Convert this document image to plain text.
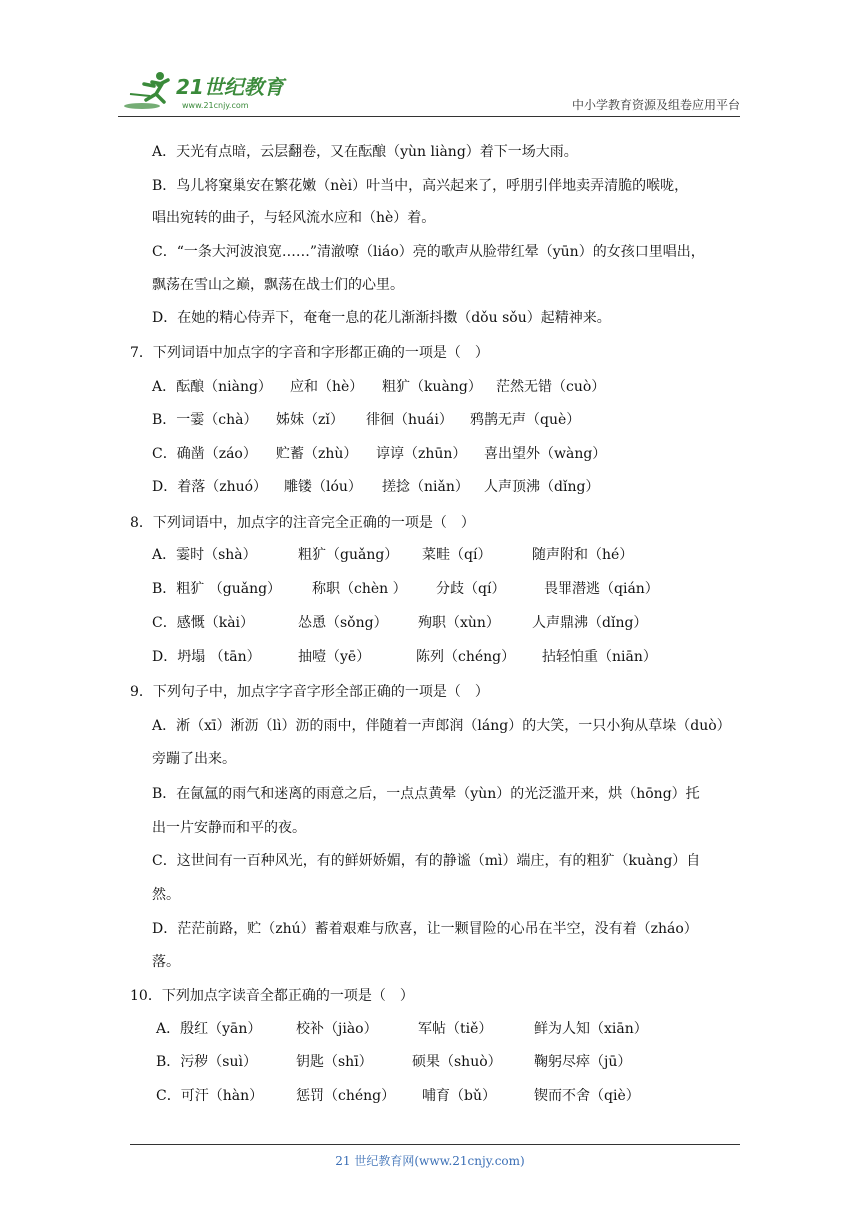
21世纪教育
www.21cnjy.com	中小学教育资源及组卷应用平台
A．天光有点暗，云层翻卷，又在酝酿（yùn liàng）着下一场大雨。
B．鸟儿将窠巢安在繁花嫩（nèi）叶当中，高兴起来了，呼朋引伴地卖弄清脆的喉咙，
唱出宛转的曲子，与轻风流水应和（hè）着。
C．“一条大河波浪宽……”清澈嘹（liáo）亮的歌声从脸带红晕（yūn）的女孩口里唱出，
飘荡在雪山之巅，飘荡在战士们的心里。
D．在她的精心侍弄下，奄奄一息的花儿渐渐抖擞（dǒu sǒu）起精神来。
7．下列词语中加点字的字音和字形都正确的一项是（　）
A．酝酿（niàng） 应和（hè） 粗犷（kuàng） 茫然无错（cuò）
B．一霎（chà） 姊妹（zǐ） 徘徊（huái） 鸦鹊无声（què）
C．确凿（záo） 贮蓄（zhù） 谆谆（zhūn） 喜出望外（wàng）
D．着落（zhuó） 雕镂（lóu） 搓捻（niǎn） 人声顶沸（dǐng）
8．下列词语中，加点字的注音完全正确的一项是（　）
A．霎时（shà）	粗犷（guǎng） 菜畦（qí）	随声附和（hé）
B．粗犷 （guǎng） 称职（chèn ） 分歧（qí）	畏罪潜逃（qián）
C．感慨（kài）	怂恿（sǒng） 殉职（xùn） 人声鼎沸（dǐng）
D．坍塌 （tān）	抽噎（yē）	陈列（chéng） 拈轻怕重（niān）
9．下列句子中，加点字字音字形全部正确的一项是（　）
A．淅（xī）淅沥（lì）沥的雨中，伴随着一声郎润（láng）的大笑，一只小狗从草垛（duò）
旁蹦了出来。
B．在氤氲的雨气和迷离的雨意之后，一点点黄晕（yùn）的光泛滥开来，烘（hōng）托
出一片安静而和平的夜。
C．这世间有一百种风光，有的鲜妍娇媚，有的静谧（mì）端庄，有的粗犷（kuàng）自
然。
D．茫茫前路，贮（zhú）蓄着艰难与欣喜，让一颗冒险的心吊在半空，没有着（zháo）
落。
10．下列加点字读音全都正确的一项是（　）
A．殷红（yān） 校补（jiào）	军帖（tiě）	鲜为人知（xiān）
B．污秽（suì）	钥匙（shī）	硕果（shuò） 鞠躬尽瘁（jū）
C．可汗（hàn） 惩罚（chéng） 哺育（bǔ）	锲而不舍（qiè）
21 世纪教育网(www.21cnjy.com)
